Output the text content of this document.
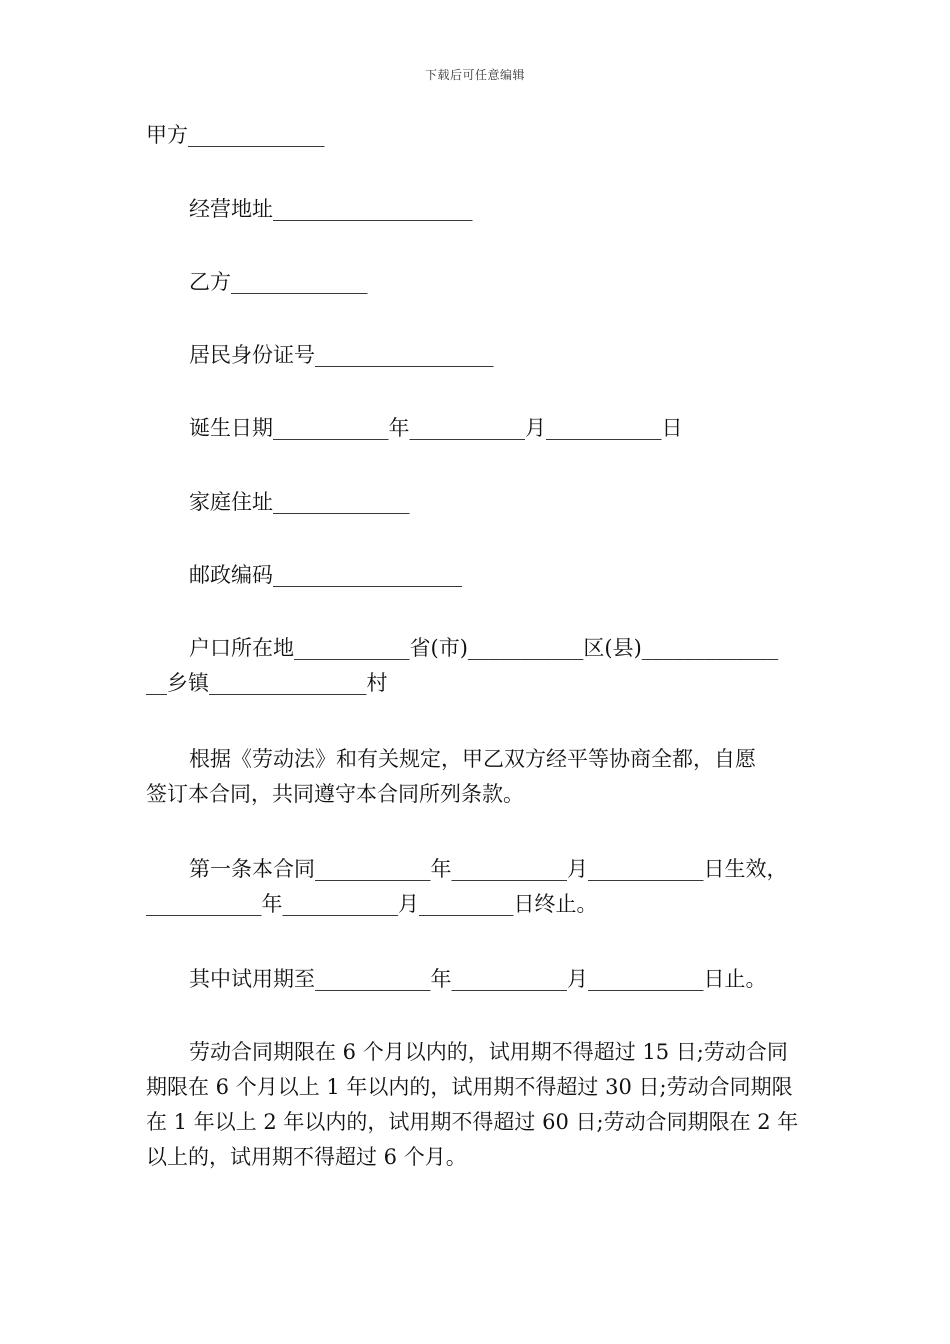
下载后可任意编辑
甲方_____________
经营地址___________________
乙方_____________
居民身份证号_________________
诞生日期___________年___________月___________日
家庭住址_____________
邮政编码__________________
户口所在地___________省(市)___________区(县)_____________
__乡镇_______________村
根据《劳动法》和有关规定，甲乙双方经平等协商全都，自愿
签订本合同，共同遵守本合同所列条款。
第一条本合同___________年___________月___________日生效，
___________年___________月_________日终止。
其中试用期至___________年___________月___________日止。
劳动合同期限在 6 个月以内的，试用期不得超过 15 日;劳动合同
期限在 6 个月以上 1 年以内的，试用期不得超过 30 日;劳动合同期限
在 1 年以上 2 年以内的，试用期不得超过 60 日;劳动合同期限在 2 年
以上的，试用期不得超过 6 个月。
